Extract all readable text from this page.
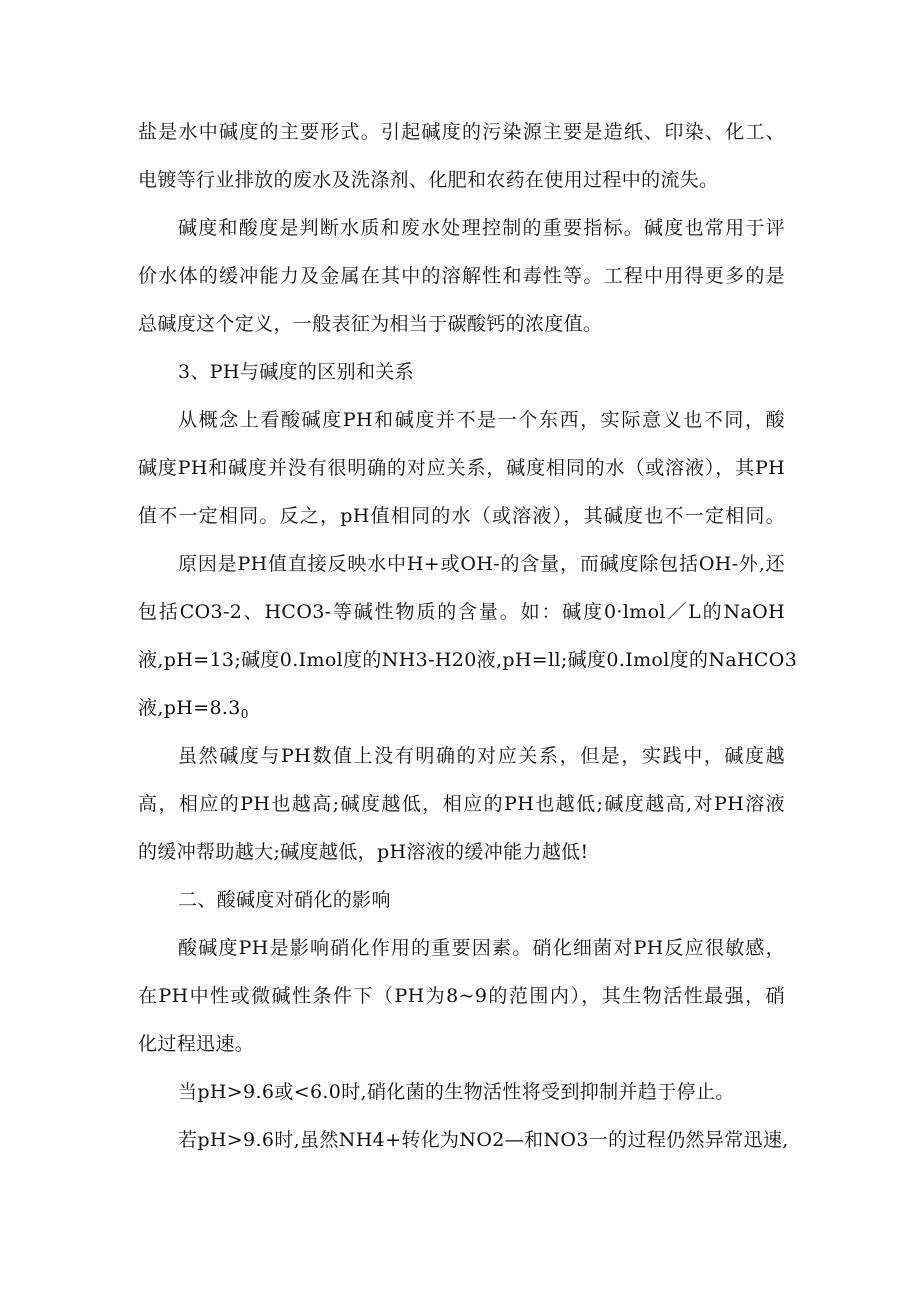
盐是水中碱度的主要形式。引起碱度的污染源主要是造纸、印染、化工、
电镀等行业排放的废水及洗涤剂、化肥和农药在使用过程中的流失。
碱度和酸度是判断水质和废水处理控制的重要指标。碱度也常用于评
价水体的缓冲能力及金属在其中的溶解性和毒性等。工程中用得更多的是
总碱度这个定义，一般表征为相当于碳酸钙的浓度值。
3、PH与碱度的区别和关系
从概念上看酸碱度PH和碱度并不是一个东西，实际意义也不同，酸
碱度PH和碱度并没有很明确的对应关系，碱度相同的水（或溶液），其PH
值不一定相同。反之，pH值相同的水（或溶液），其碱度也不一定相同。
原因是PH值直接反映水中H+或OH-的含量，而碱度除包括OH-外,还
包括CO3-2、HCO3-等碱性物质的含量。如：碱度0·lmol／L的NaOH
液,pH=13;碱度0.Imol度的NH3-H20液,pH=ll;碱度0.Imol度的NaHCO3
液$,pH=8.3_0$
虽然碱度与PH数值上没有明确的对应关系，但是，实践中，碱度越
高，相应的PH也越高;碱度越低，相应的PH也越低;碱度越高,对PH溶液
的缓冲帮助越大;碱度越低，pH溶液的缓冲能力越低!
二、酸碱度对硝化的影响
酸碱度PH是影响硝化作用的重要因素。硝化细菌对PH反应很敏感，
在PH中性或微碱性条件下（PH为8~9的范围内），其生物活性最强，硝
化过程迅速。
当pH>9.6或<6.0时,硝化菌的生物活性将受到抑制并趋于停止。
若pH>9.6时,虽然NH4+转化为NO2—和NO3一的过程仍然异常迅速,
